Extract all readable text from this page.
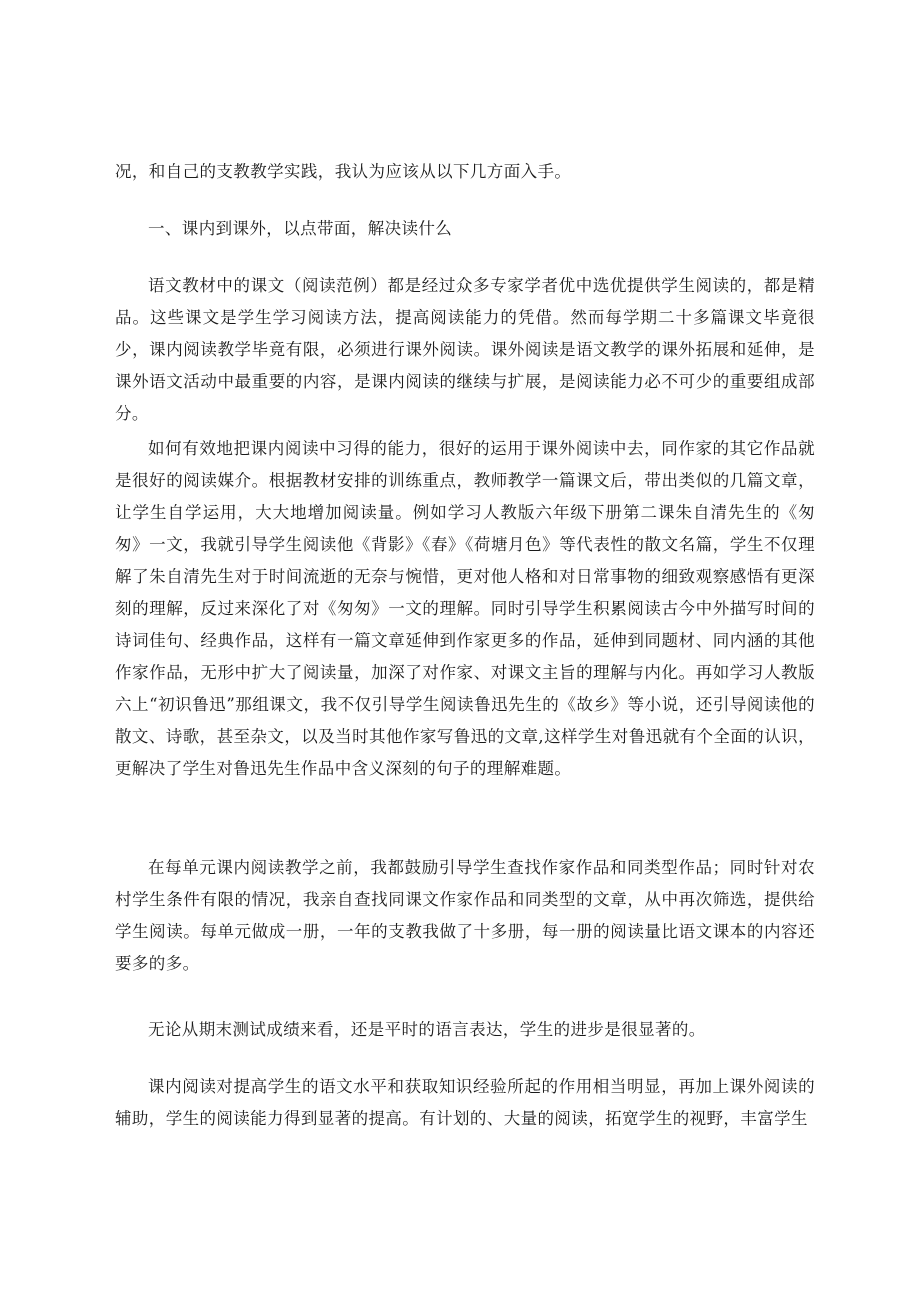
况，和自己的支教教学实践，我认为应该从以下几方面入手。

一、课内到课外，以点带面，解决读什么

语文教材中的课文（阅读范例）都是经过众多专家学者优中选优提供学生阅读的，都是精品。这些课文是学生学习阅读方法，提高阅读能力的凭借。然而每学期二十多篇课文毕竟很少，课内阅读教学毕竟有限，必须进行课外阅读。课外阅读是语文教学的课外拓展和延伸，是课外语文活动中最重要的内容，是课内阅读的继续与扩展，是阅读能力必不可少的重要组成部分。

如何有效地把课内阅读中习得的能力，很好的运用于课外阅读中去，同作家的其它作品就是很好的阅读媒介。根据教材安排的训练重点，教师教学一篇课文后，带出类似的几篇文章，让学生自学运用，大大地增加阅读量。例如学习人教版六年级下册第二课朱自清先生的《匆匆》一文，我就引导学生阅读他《背影》《春》《荷塘月色》等代表性的散文名篇，学生不仅理解了朱自清先生对于时间流逝的无奈与惋惜，更对他人格和对日常事物的细致观察感悟有更深刻的理解，反过来深化了对《匆匆》一文的理解。同时引导学生积累阅读古今中外描写时间的诗词佳句、经典作品，这样有一篇文章延伸到作家更多的作品，延伸到同题材、同内涵的其他作家作品，无形中扩大了阅读量，加深了对作家、对课文主旨的理解与内化。再如学习人教版六上“初识鲁迅”那组课文，我不仅引导学生阅读鲁迅先生的《故乡》等小说，还引导阅读他的散文、诗歌，甚至杂文，以及当时其他作家写鲁迅的文章,这样学生对鲁迅就有个全面的认识，更解决了学生对鲁迅先生作品中含义深刻的句子的理解难题。

在每单元课内阅读教学之前，我都鼓励引导学生查找作家作品和同类型作品；同时针对农村学生条件有限的情况，我亲自查找同课文作家作品和同类型的文章，从中再次筛选，提供给学生阅读。每单元做成一册，一年的支教我做了十多册，每一册的阅读量比语文课本的内容还要多的多。

无论从期末测试成绩来看，还是平时的语言表达，学生的进步是很显著的。

课内阅读对提高学生的语文水平和获取知识经验所起的作用相当明显，再加上课外阅读的辅助，学生的阅读能力得到显著的提高。有计划的、大量的阅读，拓宽学生的视野，丰富学生
